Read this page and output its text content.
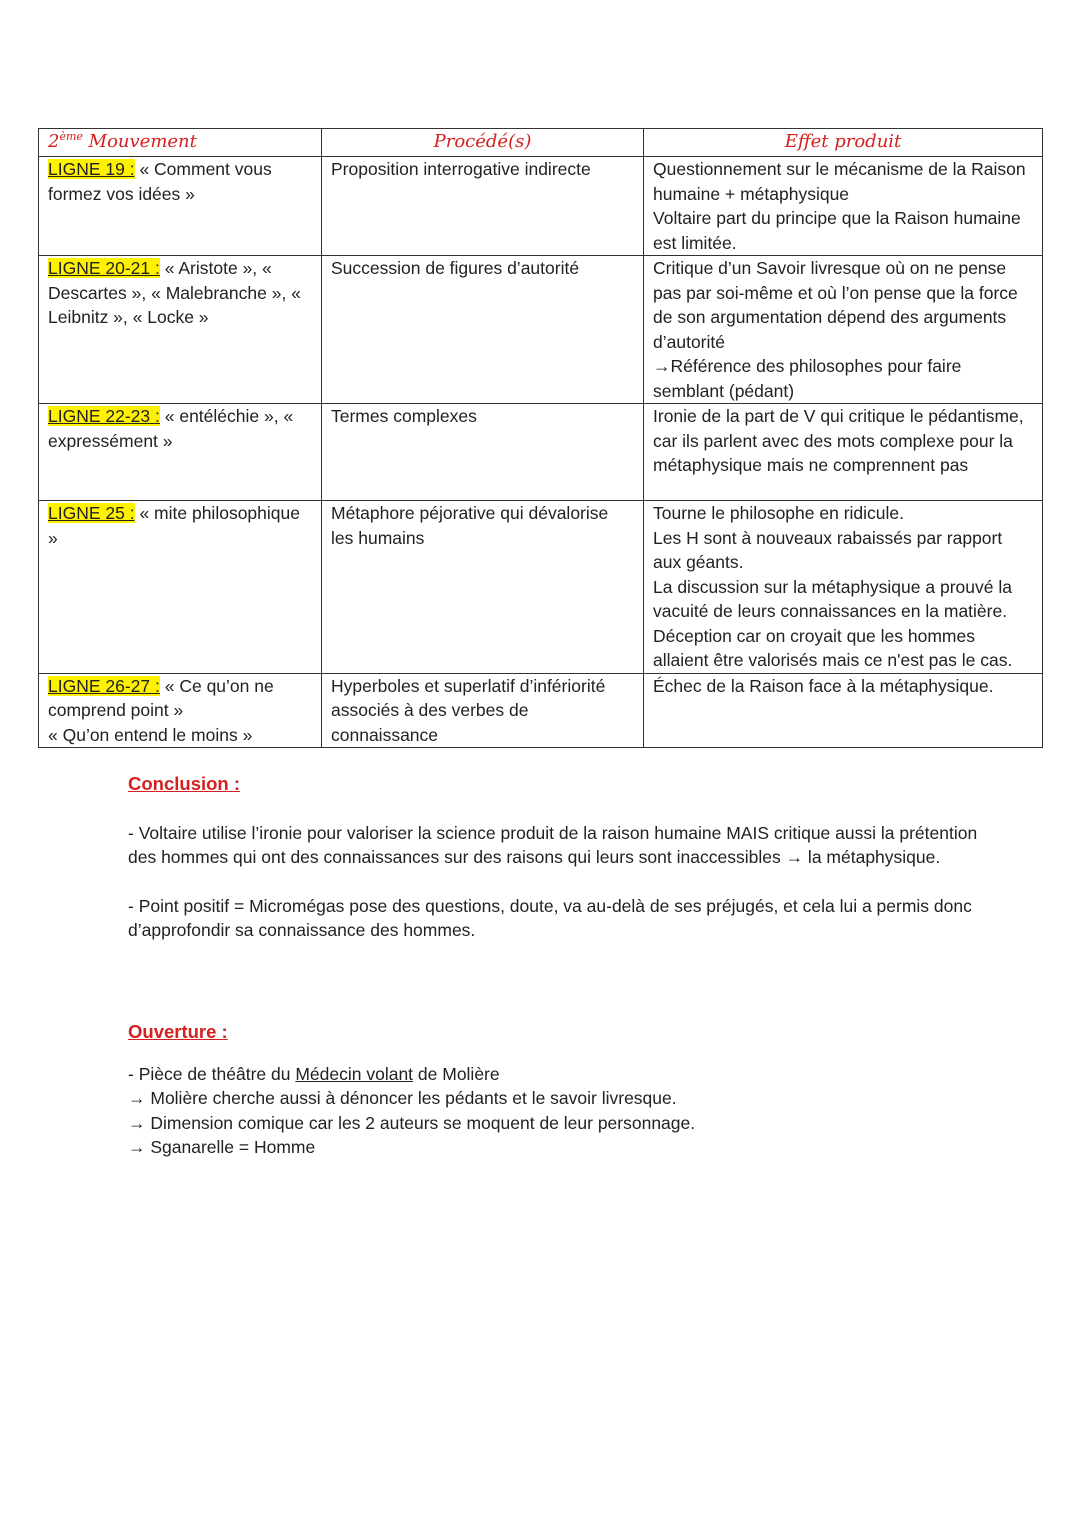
2ème Mouvement	Procédé(s)	Effet produit
LIGNE 19 : « Comment vous formez vos idées »	Proposition interrogative indirecte	Questionnement sur le mécanisme de la Raison humaine + métaphysique
Voltaire part du principe que la Raison humaine est limitée.

LIGNE 20-21 : « Aristote », « Descartes », « Malebranche », « Leibnitz », « Locke »	Succession de figures d’autorité	Critique d’un Savoir livresque où on ne pense pas par soi-même et où l’on pense que la force de son argumentation dépend des arguments d’autorité
→Référence des philosophes pour faire semblant (pédant)

LIGNE 22-23 : « entéléchie », « expressément »	Termes complexes	Ironie de la part de V qui critique le pédantisme, car ils parlent avec des mots complexe pour la métaphysique mais ne comprennent pas

LIGNE 25 : « mite philosophique »	Métaphore péjorative qui dévalorise les humains	Tourne le philosophe en ridicule.
Les H sont à nouveaux rabaissés par rapport aux géants.
La discussion sur la métaphysique a prouvé la vacuité de leurs connaissances en la matière.
Déception car on croyait que les hommes allaient être valorisés mais ce n'est pas le cas.

LIGNE 26-27 : « Ce qu’on ne comprend point »
« Qu’on entend le moins »	Hyperboles et superlatif d’infériorité associés à des verbes de connaissance	Échec de la Raison face à la métaphysique.
Conclusion :
- Voltaire utilise l’ironie pour valoriser la science produit de la raison humaine MAIS critique aussi la prétention des hommes qui ont des connaissances sur des raisons qui leurs sont inaccessibles → la métaphysique.
- Point positif = Micromégas pose des questions, doute, va au-delà de ses préjugés, et cela lui a permis donc d’approfondir sa connaissance des hommes.
Ouverture :
- Pièce de théâtre du Médecin volant de Molière
→ Molière cherche aussi à dénoncer les pédants et le savoir livresque.
→ Dimension comique car les 2 auteurs se moquent de leur personnage.
→ Sganarelle = Homme
